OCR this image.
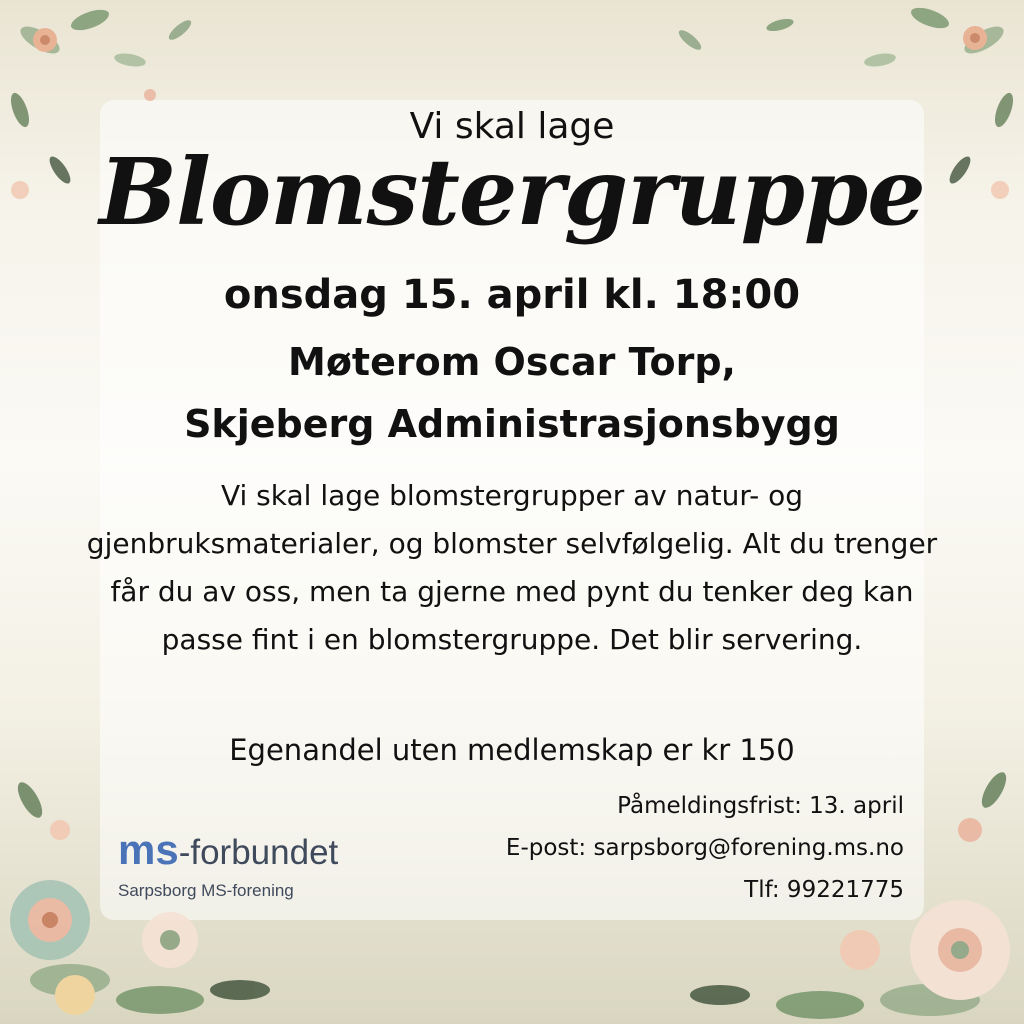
Vi skal lage

Blomstergruppe

onsdag 15. april kl. 18:00

Møterom Oscar Torp,

Skjeberg Administrasjonsbygg

Vi skal lage blomstergrupper av natur- og gjenbruksmaterialer, og blomster selvfølgelig. Alt du trenger får du av oss, men ta gjerne med pynt du tenker deg kan passe fint i en blomstergruppe. Det blir servering.

Egenandel uten medlemskap er kr 150

Påmeldingsfrist: 13. april
E-post: sarpsborg@forening.ms.no
Tlf: 99221775
ms-forbundet
Sarpsborg MS-forening
